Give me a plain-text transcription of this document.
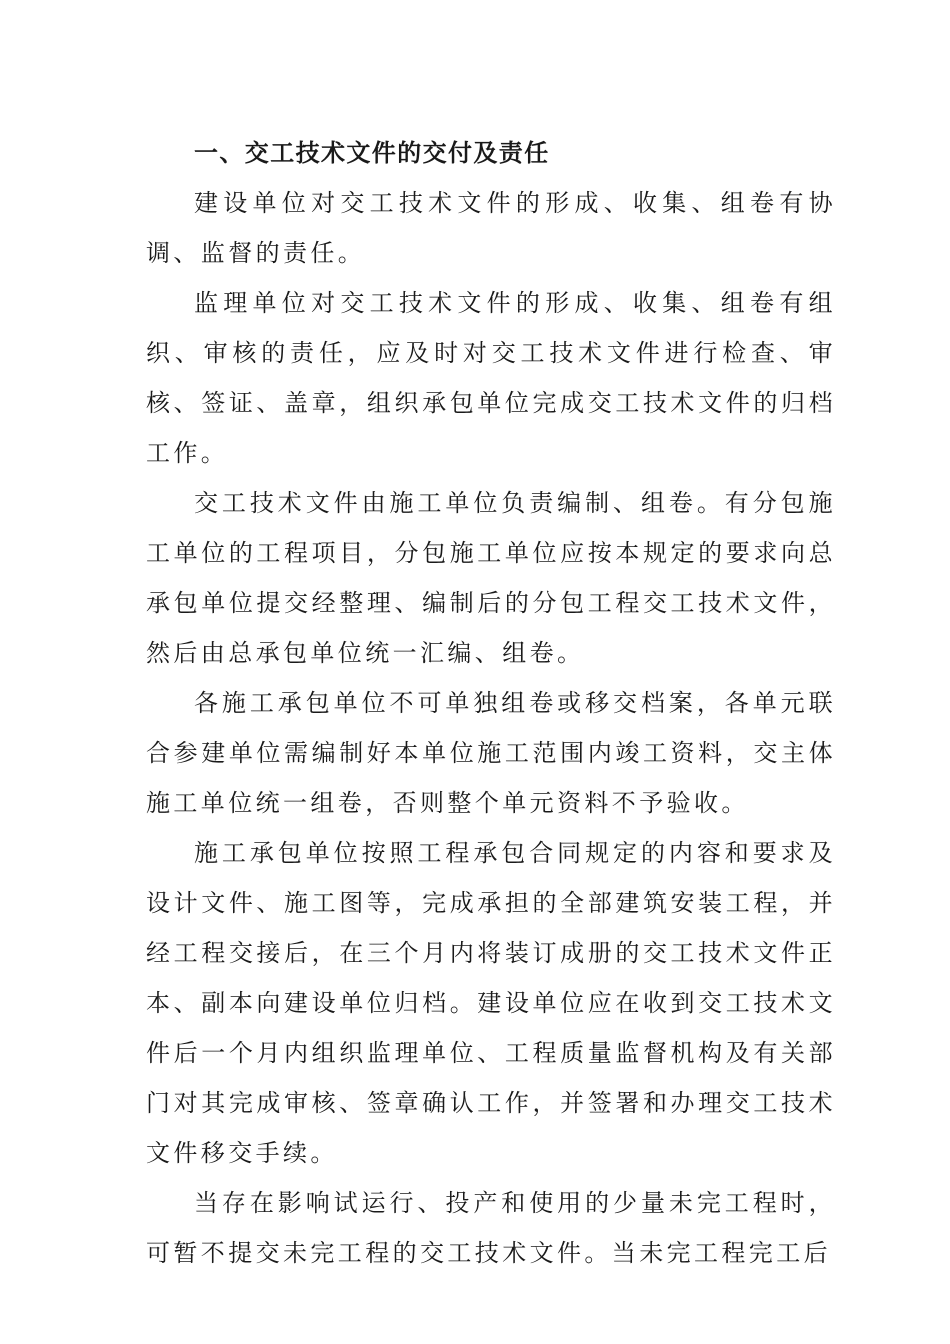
一、交工技术文件的交付及责任

建设单位对交工技术文件的形成、收集、组卷有协调、监督的责任。

监理单位对交工技术文件的形成、收集、组卷有组织、审核的责任，应及时对交工技术文件进行检查、审核、签证、盖章，组织承包单位完成交工技术文件的归档工作。

交工技术文件由施工单位负责编制、组卷。有分包施工单位的工程项目，分包施工单位应按本规定的要求向总承包单位提交经整理、编制后的分包工程交工技术文件，然后由总承包单位统一汇编、组卷。

各施工承包单位不可单独组卷或移交档案，各单元联合参建单位需编制好本单位施工范围内竣工资料，交主体施工单位统一组卷，否则整个单元资料不予验收。

施工承包单位按照工程承包合同规定的内容和要求及设计文件、施工图等，完成承担的全部建筑安装工程，并经工程交接后，在三个月内将装订成册的交工技术文件正本、副本向建设单位归档。建设单位应在收到交工技术文件后一个月内组织监理单位、工程质量监督机构及有关部门对其完成审核、签章确认工作，并签署和办理交工技术文件移交手续。

当存在影响试运行、投产和使用的少量未完工程时，可暂不提交未完工程的交工技术文件。当未完工程完工后
